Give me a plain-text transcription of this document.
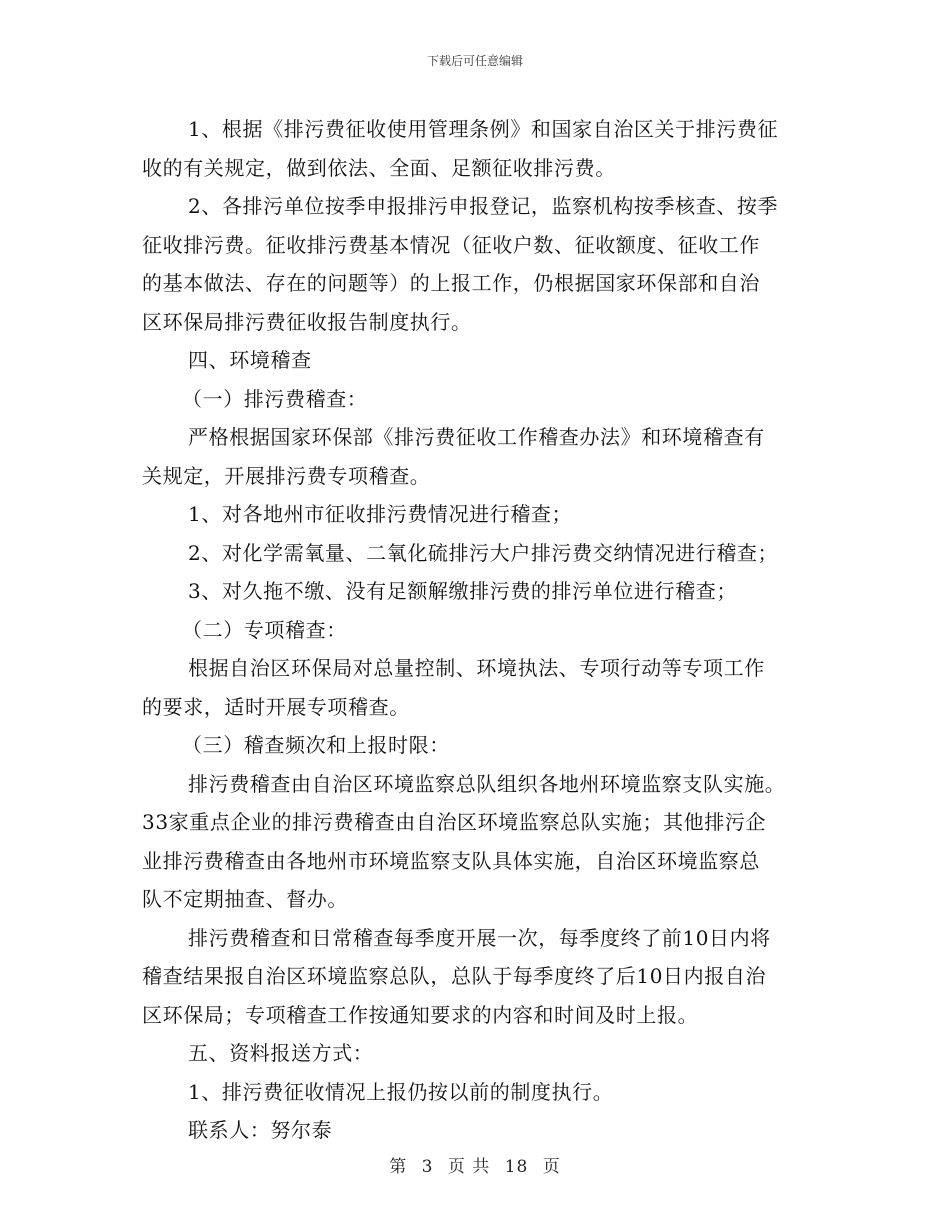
下载后可任意编辑
1、根据《排污费征收使用管理条例》和国家自治区关于排污费征
收的有关规定，做到依法、全面、足额征收排污费。
2、各排污单位按季申报排污申报登记，监察机构按季核查、按季
征收排污费。征收排污费基本情况（征收户数、征收额度、征收工作
的基本做法、存在的问题等）的上报工作，仍根据国家环保部和自治
区环保局排污费征收报告制度执行。
四、环境稽查
（一）排污费稽查：
严格根据国家环保部《排污费征收工作稽查办法》和环境稽查有
关规定，开展排污费专项稽查。
1、对各地州市征收排污费情况进行稽查；
2、对化学需氧量、二氧化硫排污大户排污费交纳情况进行稽查；
3、对久拖不缴、没有足额解缴排污费的排污单位进行稽查；
（二）专项稽查：
根据自治区环保局对总量控制、环境执法、专项行动等专项工作
的要求，适时开展专项稽查。
（三）稽查频次和上报时限：
排污费稽查由自治区环境监察总队组织各地州环境监察支队实施。
33家重点企业的排污费稽查由自治区环境监察总队实施；其他排污企
业排污费稽查由各地州市环境监察支队具体实施，自治区环境监察总
队不定期抽查、督办。
排污费稽查和日常稽查每季度开展一次，每季度终了前10日内将
稽查结果报自治区环境监察总队，总队于每季度终了后10日内报自治
区环保局；专项稽查工作按通知要求的内容和时间及时上报。
五、资料报送方式：
1、排污费征收情况上报仍按以前的制度执行。
联系人：努尔泰
第 3 页 共 18 页
